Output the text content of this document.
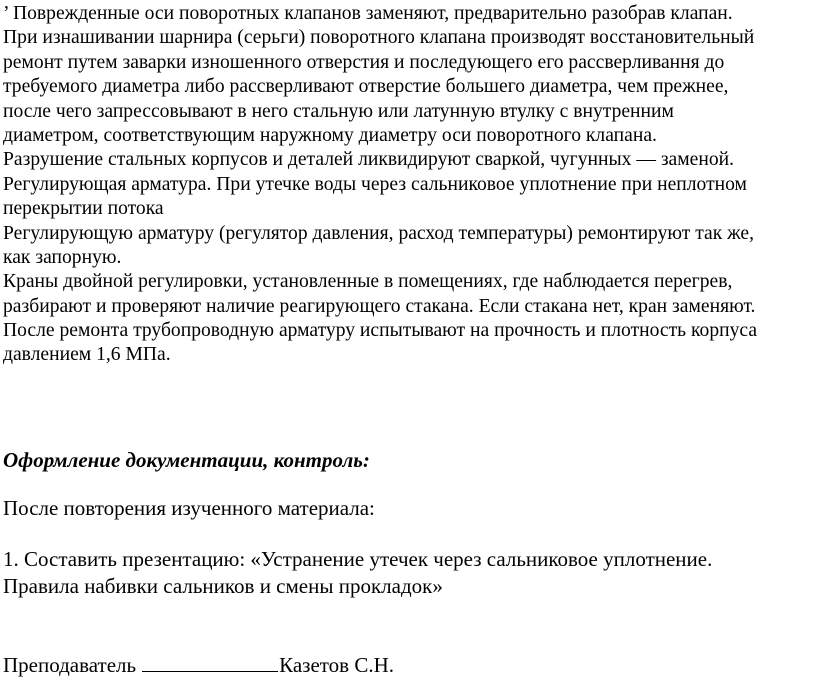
’ Поврежденные оси поворотных клапанов заменяют, предварительно разобрав клапан.
При изнашивании шарнира (серьги) поворотного клапана производят восстановительный
ремонт путем заварки изношенного отверстия и последующего его рассверливання до
требуемого диаметра либо рассверливают отверстие большего диаметра, чем прежнее,
после чего запрессовывают в него стальную или латунную втулку с внутренним
диаметром, соответствующим наружному диаметру оси поворотного клапана.
Разрушение стальных корпусов и деталей ликвидируют сваркой, чугунных — заменой.
Регулирующая арматура. При утечке воды через сальниковое уплотнение при неплотном
перекрытии потока
Регулирующую арматуру (регулятор давления, расход температуры) ремонтируют так же,
как запорную.
Краны двойной регулировки, установленные в помещениях, где наблюдается перегрев,
разбирают и проверяют наличие реагирующего стакана. Если стакана нет, кран заменяют.
После ремонта трубопроводную арматуру испытывают на прочность и плотность корпуса
давлением 1,6 МПа.

Оформление документации, контроль:

После повторения изученного материала:

1. Составить презентацию: «Устранение утечек через сальниковое уплотнение.
Правила набивки сальников и смены прокладок»
Преподаватель	Казетов С.Н.
